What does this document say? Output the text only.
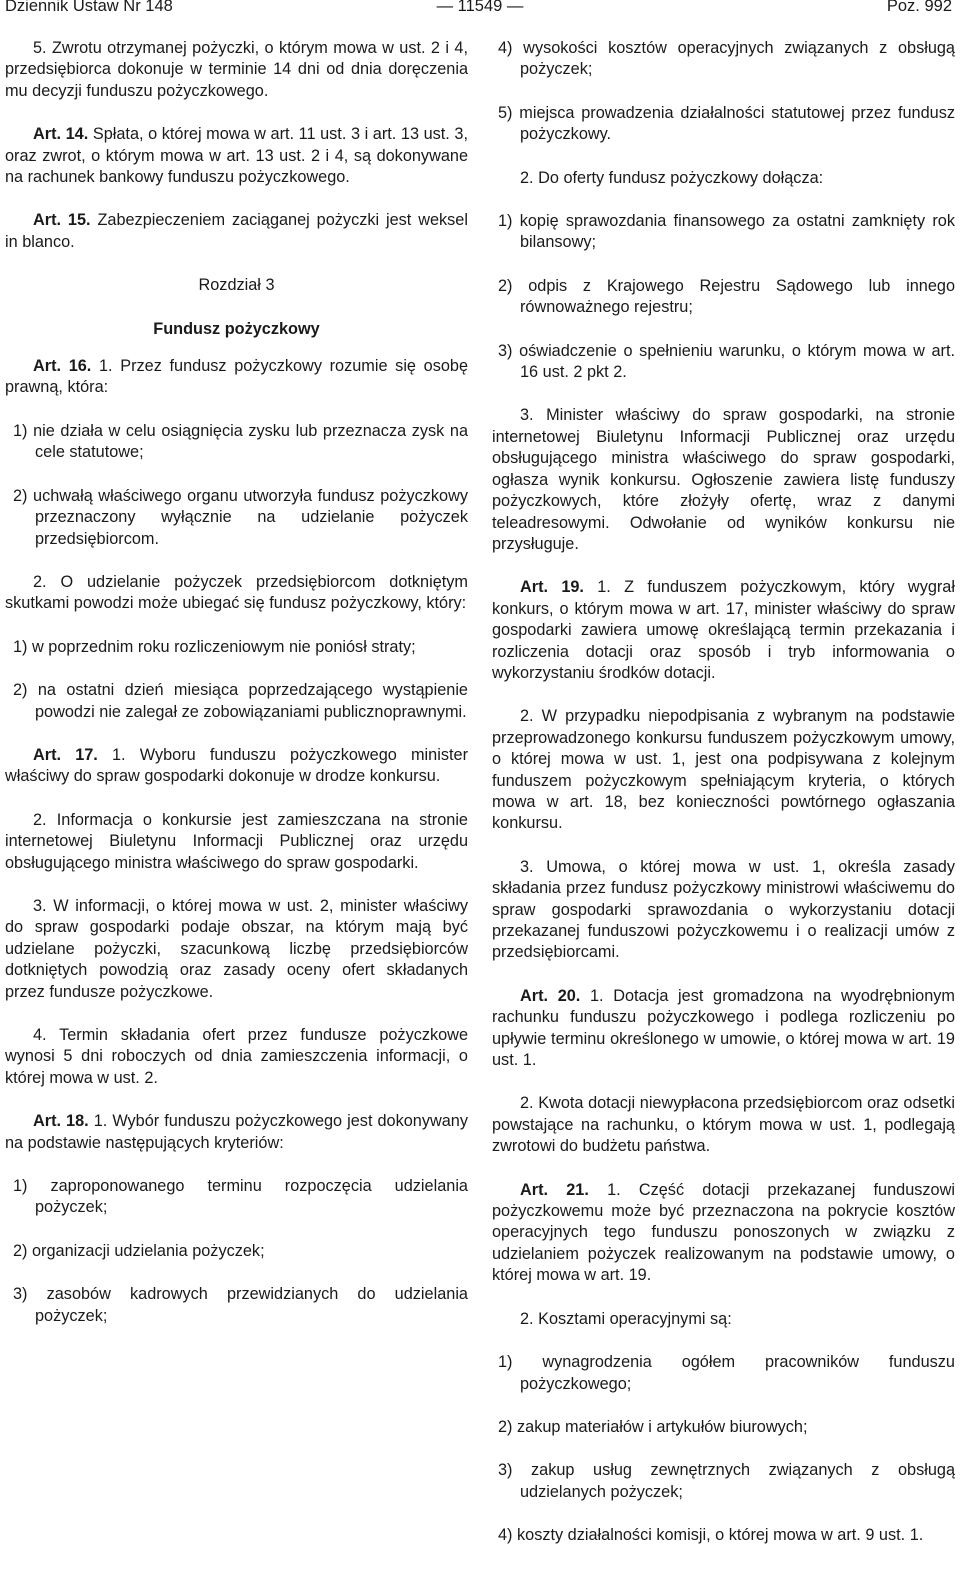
Dziennik Ustaw Nr 148	— 11549 —	Poz. 992

5. Zwrotu otrzymanej pożyczki, o którym mowa w ust. 2 i 4, przedsiębiorca dokonuje w terminie 14 dni od dnia doręczenia mu decyzji funduszu pożyczkowego.

Art. 14. Spłata, o której mowa w art. 11 ust. 3 i art. 13 ust. 3, oraz zwrot, o którym mowa w art. 13 ust. 2 i 4, są dokonywane na rachunek bankowy funduszu pożyczkowego.

Art. 15. Zabezpieczeniem zaciąganej pożyczki jest weksel in blanco.

Rozdział 3
Fundusz pożyczkowy

Art. 16. 1. Przez fundusz pożyczkowy rozumie się osobę prawną, która:

1) nie działa w celu osiągnięcia zysku lub przeznacza zysk na cele statutowe;
2) uchwałą właściwego organu utworzyła fundusz pożyczkowy przeznaczony wyłącznie na udzielanie pożyczek przedsiębiorcom.

2. O udzielanie pożyczek przedsiębiorcom dotkniętym skutkami powodzi może ubiegać się fundusz pożyczkowy, który:

1) w poprzednim roku rozliczeniowym nie poniósł straty;
2) na ostatni dzień miesiąca poprzedzającego wystąpienie powodzi nie zalegał ze zobowiązaniami publicznoprawnymi.

Art. 17. 1. Wyboru funduszu pożyczkowego minister właściwy do spraw gospodarki dokonuje w drodze konkursu.

2. Informacja o konkursie jest zamieszczana na stronie internetowej Biuletynu Informacji Publicznej oraz urzędu obsługującego ministra właściwego do spraw gospodarki.

3. W informacji, o której mowa w ust. 2, minister właściwy do spraw gospodarki podaje obszar, na którym mają być udzielane pożyczki, szacunkową liczbę przedsiębiorców dotkniętych powodzią oraz zasady oceny ofert składanych przez fundusze pożyczkowe.

4. Termin składania ofert przez fundusze pożyczkowe wynosi 5 dni roboczych od dnia zamieszczenia informacji, o której mowa w ust. 2.

Art. 18. 1. Wybór funduszu pożyczkowego jest dokonywany na podstawie następujących kryteriów:

1) zaproponowanego terminu rozpoczęcia udzielania pożyczek;
2) organizacji udzielania pożyczek;
3) zasobów kadrowych przewidzianych do udzielania pożyczek;
4) wysokości kosztów operacyjnych związanych z obsługą pożyczek;
5) miejsca prowadzenia działalności statutowej przez fundusz pożyczkowy.

2. Do oferty fundusz pożyczkowy dołącza:

1) kopię sprawozdania finansowego za ostatni zamknięty rok bilansowy;
2) odpis z Krajowego Rejestru Sądowego lub innego równoważnego rejestru;
3) oświadczenie o spełnieniu warunku, o którym mowa w art. 16 ust. 2 pkt 2.

3. Minister właściwy do spraw gospodarki, na stronie internetowej Biuletynu Informacji Publicznej oraz urzędu obsługującego ministra właściwego do spraw gospodarki, ogłasza wynik konkursu. Ogłoszenie zawiera listę funduszy pożyczkowych, które złożyły ofertę, wraz z danymi teleadresowymi. Odwołanie od wyników konkursu nie przysługuje.

Art. 19. 1. Z funduszem pożyczkowym, który wygrał konkurs, o którym mowa w art. 17, minister właściwy do spraw gospodarki zawiera umowę określającą termin przekazania i rozliczenia dotacji oraz sposób i tryb informowania o wykorzystaniu środków dotacji.

2. W przypadku niepodpisania z wybranym na podstawie przeprowadzonego konkursu funduszem pożyczkowym umowy, o której mowa w ust. 1, jest ona podpisywana z kolejnym funduszem pożyczkowym spełniającym kryteria, o których mowa w art. 18, bez konieczności powtórnego ogłaszania konkursu.

3. Umowa, o której mowa w ust. 1, określa zasady składania przez fundusz pożyczkowy ministrowi właściwemu do spraw gospodarki sprawozdania o wykorzystaniu dotacji przekazanej funduszowi pożyczkowemu i o realizacji umów z przedsiębiorcami.

Art. 20. 1. Dotacja jest gromadzona na wyodrębnionym rachunku funduszu pożyczkowego i podlega rozliczeniu po upływie terminu określonego w umowie, o której mowa w art. 19 ust. 1.

2. Kwota dotacji niewypłacona przedsiębiorcom oraz odsetki powstające na rachunku, o którym mowa w ust. 1, podlegają zwrotowi do budżetu państwa.

Art. 21. 1. Część dotacji przekazanej funduszowi pożyczkowemu może być przeznaczona na pokrycie kosztów operacyjnych tego funduszu ponoszonych w związku z udzielaniem pożyczek realizowanym na podstawie umowy, o której mowa w art. 19.

2. Kosztami operacyjnymi są:

1) wynagrodzenia ogółem pracowników funduszu pożyczkowego;
2) zakup materiałów i artykułów biurowych;
3) zakup usług zewnętrznych związanych z obsługą udzielanych pożyczek;
4) koszty działalności komisji, o której mowa w art. 9 ust. 1.
